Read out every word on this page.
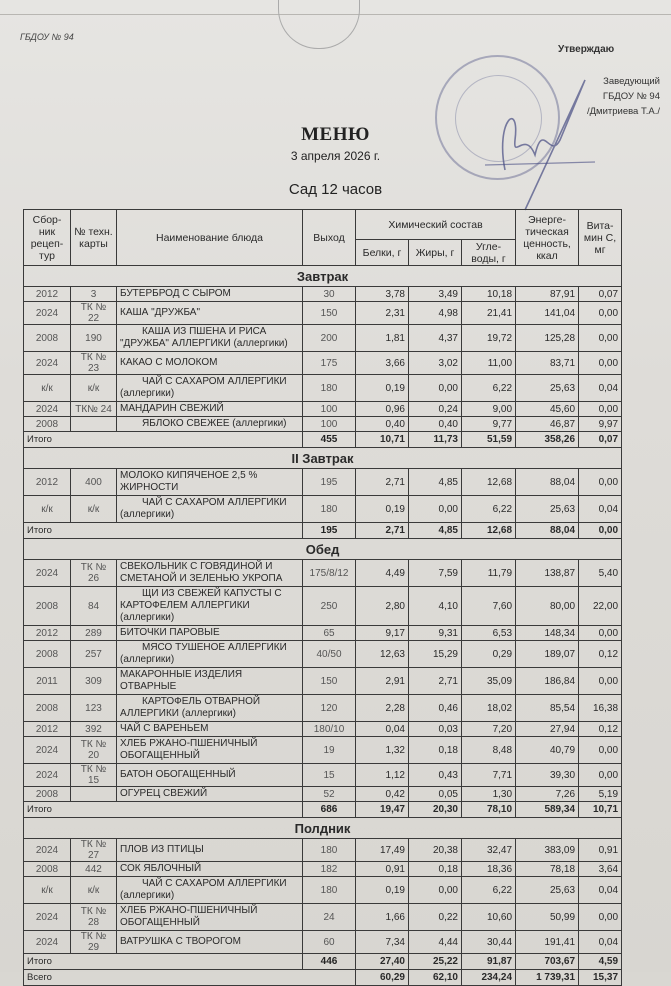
ГБДОУ № 94
Утверждаю
Заведующий
ГБДОУ № 94
/Дмитриева Т.А./
МЕНЮ
3 апреля 2026 г.
Сад 12 часов
Сбор-ник рецеп-тур	№ техн. карты	Наименование блюда	Выход	Химический состав			Энерге-тическая ценность, ккал	Вита-мин С, мг
				Белки, г	Жиры, г	Угле-воды, г		
Завтрак								
2012	3	БУТЕРБРОД С СЫРОМ	30	3,78	3,49	10,18	87,91	0,07
2024	ТК № 22	КАША "ДРУЖБА"	150	2,31	4,98	21,41	141,04	0,00
2008	190	КАША ИЗ ПШЕНА И РИСА "ДРУЖБА" АЛЛЕРГИКИ (аллергики)	200	1,81	4,37	19,72	125,28	0,00
2024	ТК № 23	КАКАО С МОЛОКОМ	175	3,66	3,02	11,00	83,71	0,00
к/к	к/к	ЧАЙ С САХАРОМ АЛЛЕРГИКИ (аллергики)	180	0,19	0,00	6,22	25,63	0,04
2024	ТК№ 24	МАНДАРИН СВЕЖИЙ	100	0,96	0,24	9,00	45,60	0,00
2008		ЯБЛОКО СВЕЖЕЕ (аллергики)	100	0,40	0,40	9,77	46,87	9,97
Итого			455	10,71	11,73	51,59	358,26	0,07
II Завтрак								
2012	400	МОЛОКО КИПЯЧЕНОЕ 2,5 % ЖИРНОСТИ	195	2,71	4,85	12,68	88,04	0,00
к/к	к/к	ЧАЙ С САХАРОМ АЛЛЕРГИКИ (аллергики)	180	0,19	0,00	6,22	25,63	0,04
Итого			195	2,71	4,85	12,68	88,04	0,00
Обед								
2024	ТК № 26	СВЕКОЛЬНИК С ГОВЯДИНОЙ И СМЕТАНОЙ И ЗЕЛЕНЬЮ УКРОПА	175/8/12	4,49	7,59	11,79	138,87	5,40
2008	84	ЩИ ИЗ СВЕЖЕЙ КАПУСТЫ С КАРТОФЕЛЕМ АЛЛЕРГИКИ (аллергики)	250	2,80	4,10	7,60	80,00	22,00
2012	289	БИТОЧКИ ПАРОВЫЕ	65	9,17	9,31	6,53	148,34	0,00
2008	257	МЯСО ТУШЕНОЕ АЛЛЕРГИКИ (аллергики)	40/50	12,63	15,29	0,29	189,07	0,12
2011	309	МАКАРОННЫЕ ИЗДЕЛИЯ ОТВАРНЫЕ	150	2,91	2,71	35,09	186,84	0,00
2008	123	КАРТОФЕЛЬ ОТВАРНОЙ АЛЛЕРГИКИ (аллергики)	120	2,28	0,46	18,02	85,54	16,38
2012	392	ЧАЙ С ВАРЕНЬЕМ	180/10	0,04	0,03	7,20	27,94	0,12
2024	ТК № 20	ХЛЕБ РЖАНО-ПШЕНИЧНЫЙ ОБОГАЩЕННЫЙ	19	1,32	0,18	8,48	40,79	0,00
2024	ТК № 15	БАТОН ОБОГАЩЕННЫЙ	15	1,12	0,43	7,71	39,30	0,00
2008		ОГУРЕЦ СВЕЖИЙ	52	0,42	0,05	1,30	7,26	5,19
Итого			686	19,47	20,30	78,10	589,34	10,71
Полдник								
2024	ТК № 27	ПЛОВ ИЗ ПТИЦЫ	180	17,49	20,38	32,47	383,09	0,91
2008	442	СОК ЯБЛОЧНЫЙ	182	0,91	0,18	18,36	78,18	3,64
к/к	к/к	ЧАЙ С САХАРОМ АЛЛЕРГИКИ (аллергики)	180	0,19	0,00	6,22	25,63	0,04
2024	ТК № 28	ХЛЕБ РЖАНО-ПШЕНИЧНЫЙ ОБОГАЩЕННЫЙ	24	1,66	0,22	10,60	50,99	0,00
2024	ТК № 29	ВАТРУШКА С ТВОРОГОМ	60	7,34	4,44	30,44	191,41	0,04
Итого			446	27,40	25,22	91,87	703,67	4,59
Всего				60,29	62,10	234,24	1 739,31	15,37
